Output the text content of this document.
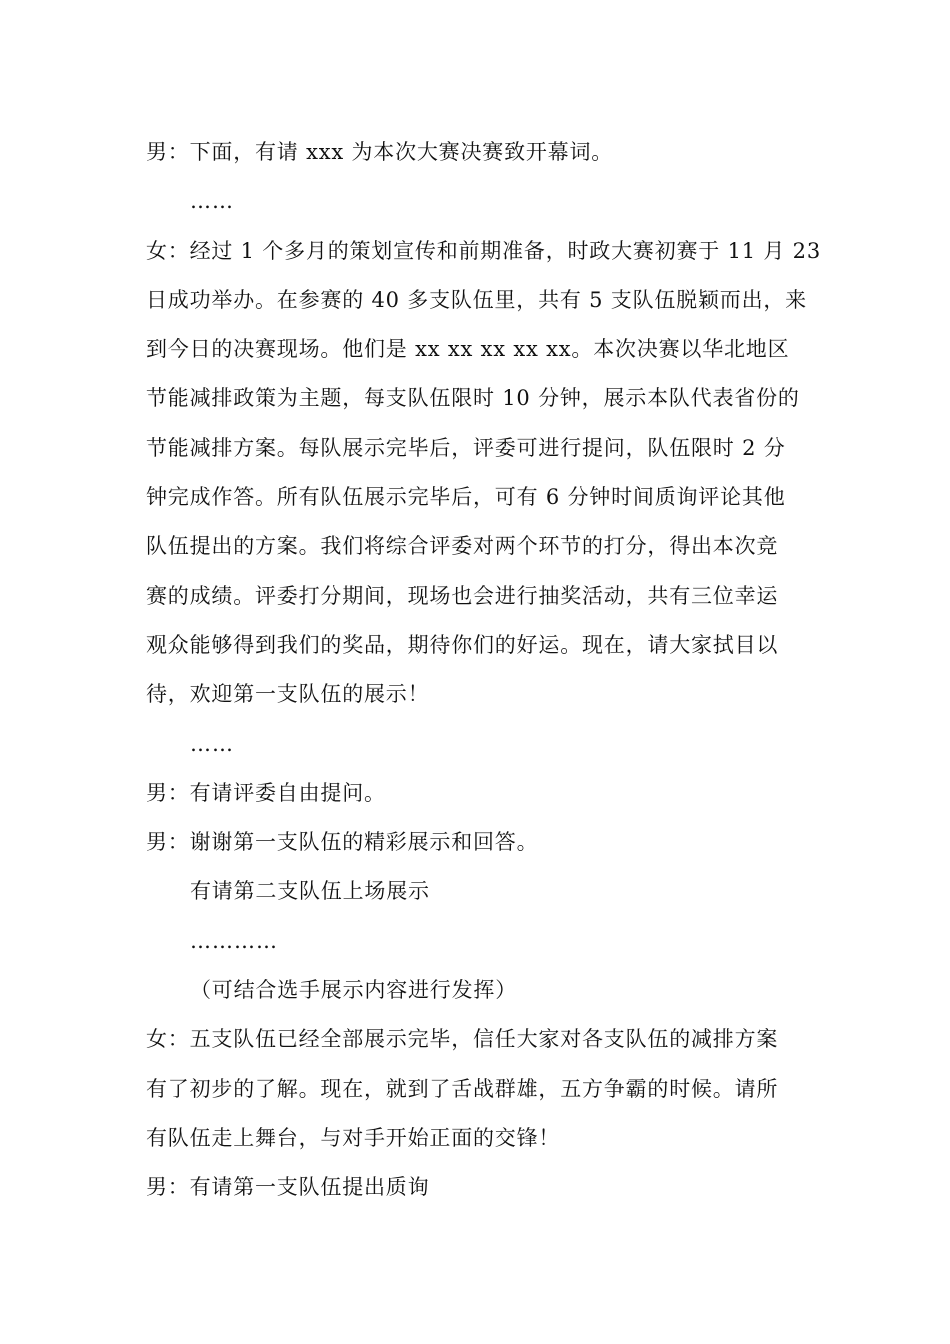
男：下面，有请 xxx 为本次大赛决赛致开幕词。
……
女：经过 1 个多月的策划宣传和前期准备，时政大赛初赛于 11 月 23
日成功举办。在参赛的 40 多支队伍里，共有 5 支队伍脱颖而出，来
到今日的决赛现场。他们是 xx xx xx xx xx。本次决赛以华北地区
节能减排政策为主题，每支队伍限时 10 分钟，展示本队代表省份的
节能减排方案。每队展示完毕后，评委可进行提问，队伍限时 2 分
钟完成作答。所有队伍展示完毕后，可有 6 分钟时间质询评论其他
队伍提出的方案。我们将综合评委对两个环节的打分，得出本次竞
赛的成绩。评委打分期间，现场也会进行抽奖活动，共有三位幸运
观众能够得到我们的奖品，期待你们的好运。现在，请大家拭目以
待，欢迎第一支队伍的展示！
……
男：有请评委自由提问。
男：谢谢第一支队伍的精彩展示和回答。
有请第二支队伍上场展示
…………
（可结合选手展示内容进行发挥）
女：五支队伍已经全部展示完毕，信任大家对各支队伍的减排方案
有了初步的了解。现在，就到了舌战群雄，五方争霸的时候。请所
有队伍走上舞台，与对手开始正面的交锋！
男：有请第一支队伍提出质询
